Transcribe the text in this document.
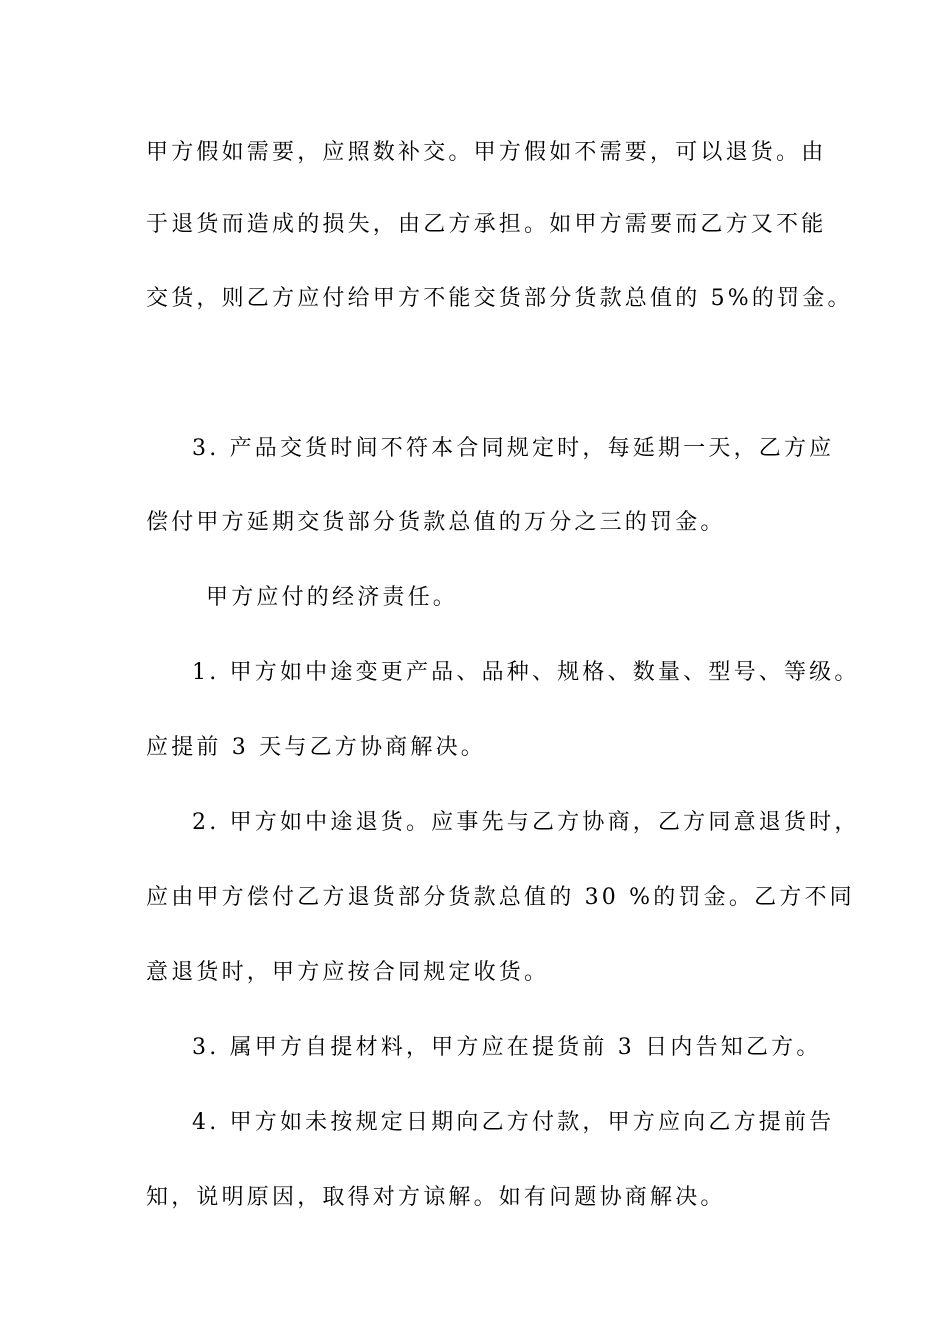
甲方假如需要，应照数补交。甲方假如不需要，可以退货。由
于退货而造成的损失，由乙方承担。如甲方需要而乙方又不能
交货，则乙方应付给甲方不能交货部分货款总值的 5%的罚金。
3. 产品交货时间不符本合同规定时，每延期一天，乙方应
偿付甲方延期交货部分货款总值的万分之三的罚金。
甲方应付的经济责任。
1. 甲方如中途变更产品、品种、规格、数量、型号、等级。
应提前 3 天与乙方协商解决。
2. 甲方如中途退货。应事先与乙方协商，乙方同意退货时，
应由甲方偿付乙方退货部分货款总值的 30 %的罚金。乙方不同
意退货时，甲方应按合同规定收货。
3. 属甲方自提材料，甲方应在提货前 3 日内告知乙方。
4. 甲方如未按规定日期向乙方付款，甲方应向乙方提前告
知，说明原因，取得对方谅解。如有问题协商解决。
